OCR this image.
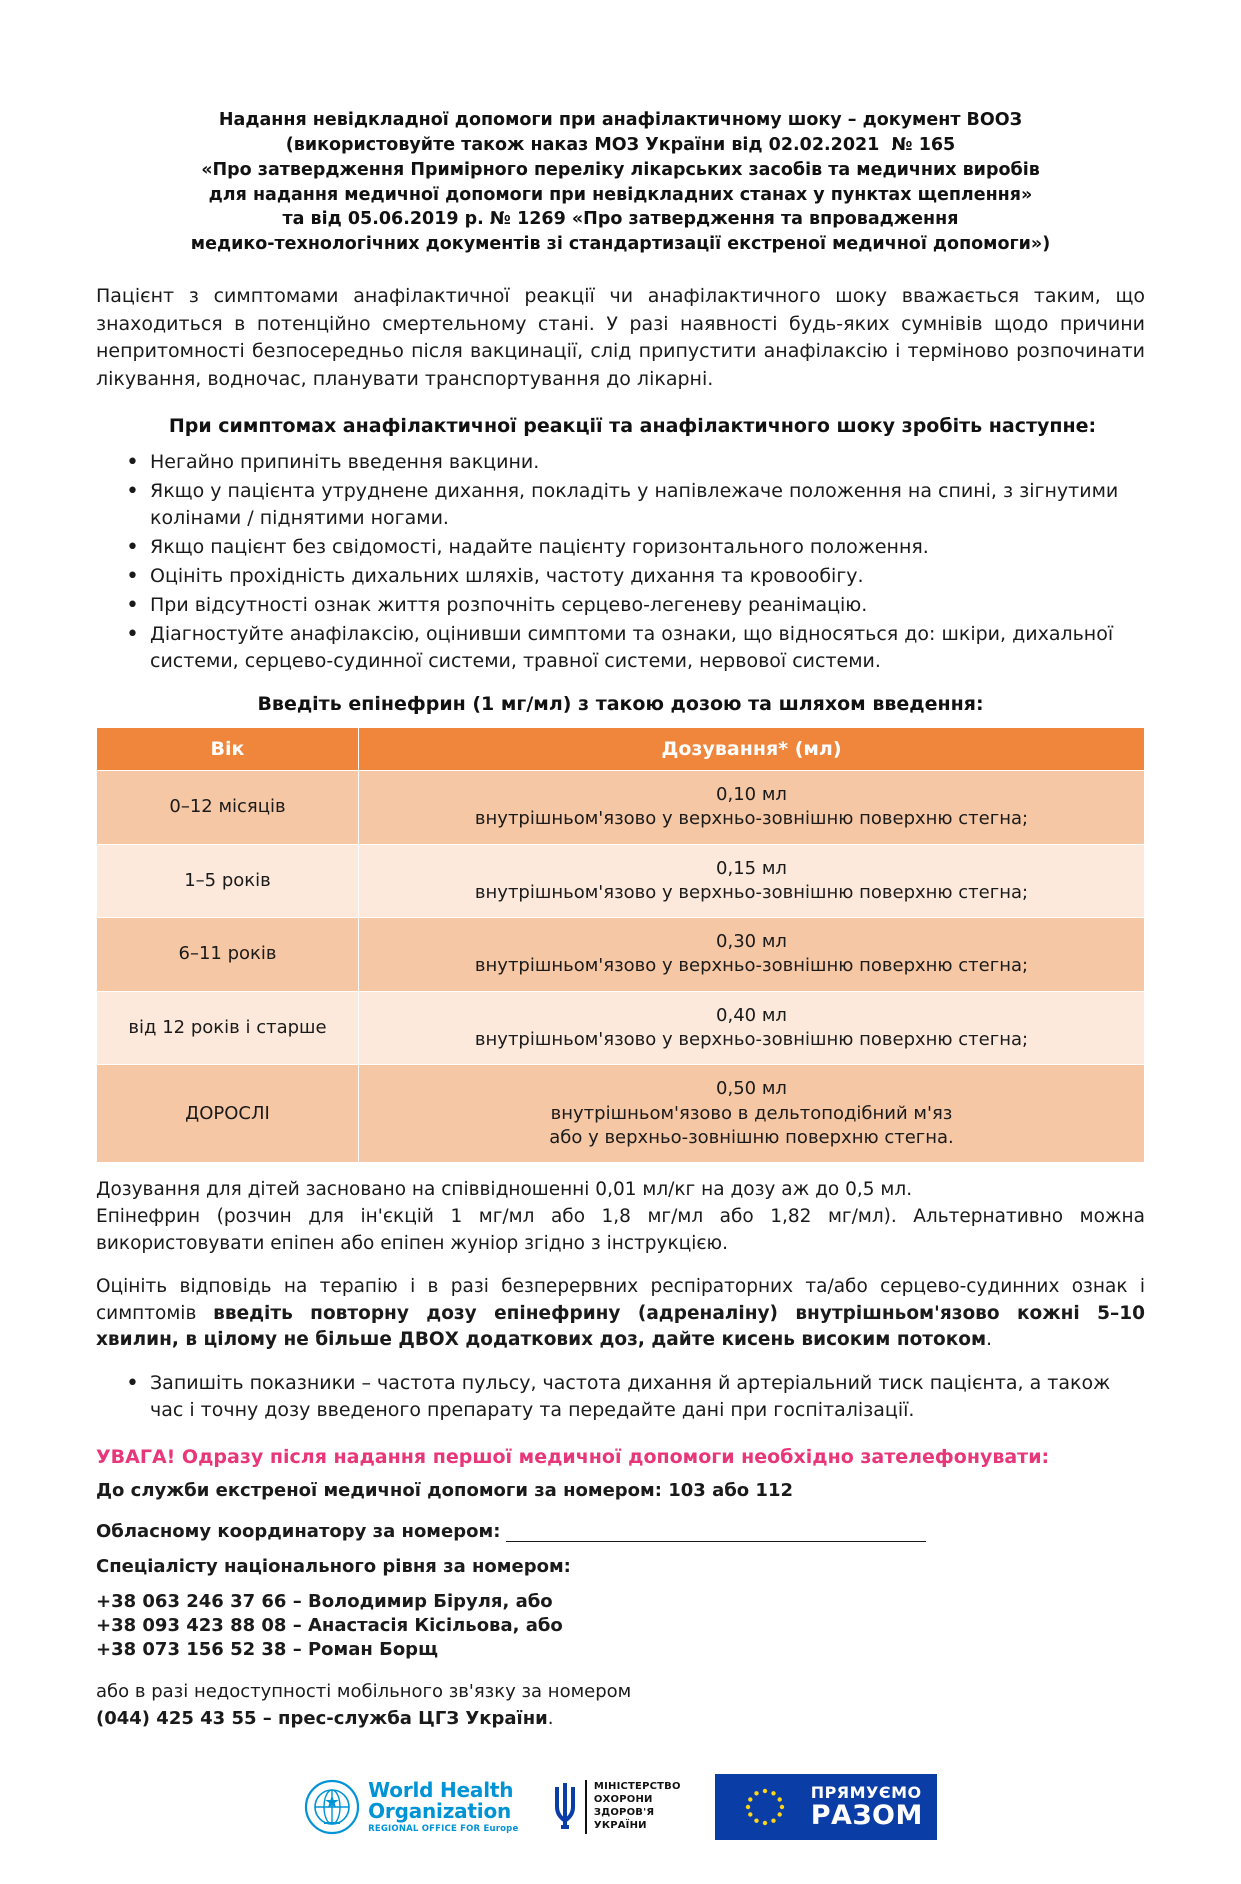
Надання невідкладної допомоги при анафілактичному шоку – документ ВООЗ
(використовуйте також наказ МОЗ України від 02.02.2021  № 165
«Про затвердження Примірного переліку лікарських засобів та медичних виробів
для надання медичної допомоги при невідкладних станах у пунктах щеплення»
та від 05.06.2019 р. № 1269 «Про затвердження та впровадження
медико-технологічних документів зі стандартизації екстреної медичної допомоги»)

Пацієнт з симптомами анафілактичної реакції чи анафілактичного шоку вважається таким, що знаходиться в потенційно смертельному стані. У разі наявності будь-яких сумнівів щодо причини непритомності безпосередньо після вакцинації, слід припустити анафілаксію і терміново розпочинати лікування, водночас, планувати транспортування до лікарні.

При симптомах анафілактичної реакції та анафілактичного шоку зробіть наступне:
• Негайно припиніть введення вакцини.
• Якщо у пацієнта утруднене дихання, покладіть у напівлежаче положення на спині, з зігнутими колінами / піднятими ногами.
• Якщо пацієнт без свідомості, надайте пацієнту горизонтального положення.
• Оцініть прохідність дихальних шляхів, частоту дихання та кровообігу.
• При відсутності ознак життя розпочніть серцево-легеневу реанімацію.
• Діагностуйте анафілаксію, оцінивши симптоми та ознаки, що відносяться до: шкіри, дихальної системи, серцево-судинної системи, травної системи, нервової системи.
Введіть епінефрин (1 мг/мл) з такою дозою та шляхом введення:
Вік	Дозування* (мл)
0–12 місяців	0,10 мл
внутрішньом'язово у верхньо-зовнішню поверхню стегна;

1–5 років	0,15 мл
внутрішньом'язово у верхньо-зовнішню поверхню стегна;

6–11 років	0,30 мл
внутрішньом'язово у верхньо-зовнішню поверхню стегна;

від 12 років і старше	0,40 мл
внутрішньом'язово у верхньо-зовнішню поверхню стегна;

ДОРОСЛІ	0,50 мл
внутрішньом'язово в дельтоподібний м'яз
або у верхньо-зовнішню поверхню стегна.
Дозування для дітей засновано на співвідношенні 0,01 мл/кг на дозу аж до 0,5 мл.
Епінефрин (розчин для ін'єкцій 1 мг/мл або 1,8 мг/мл або 1,82 мг/мл). Альтернативно можна використовувати епіпен або епіпен жуніор згідно з інструкцією.

Оцініть відповідь на терапію і в разі безперервних респіраторних та/або серцево-судинних ознак і симптомів введіть повторну дозу епінефрину (адреналіну) внутрішньом'язово кожні 5–10 хвилин, в цілому не більше ДВОХ додаткових доз, дайте кисень високим потоком.

• Запишіть показники – частота пульсу, частота дихання й артеріальний тиск пацієнта, а також час і точну дозу введеного препарату та передайте дані при госпіталізації.
УВАГА! Одразу після надання першої медичної допомоги необхідно зателефонувати:
До служби екстреної медичної допомоги за номером: 103 або 112
Обласному координатору за номером:
Спеціалісту національного рівня за номером:
+38 063 246 37 66 – Володимир Біруля, або
+38 093 423 88 08 – Анастасія Кісільова, або
+38 073 156 52 38 – Роман Борщ
або в разі недоступності мобільного зв'язку за номером
(044) 425 43 55 – прес-служба ЦГЗ України.
World Health
Organization
REGIONAL OFFICE FOR Europe
МІНІСТЕРСТВО
ОХОРОНИ
ЗДОРОВ'Я
УКРАЇНИ
ПРЯМУЄМО
РАЗОМ
